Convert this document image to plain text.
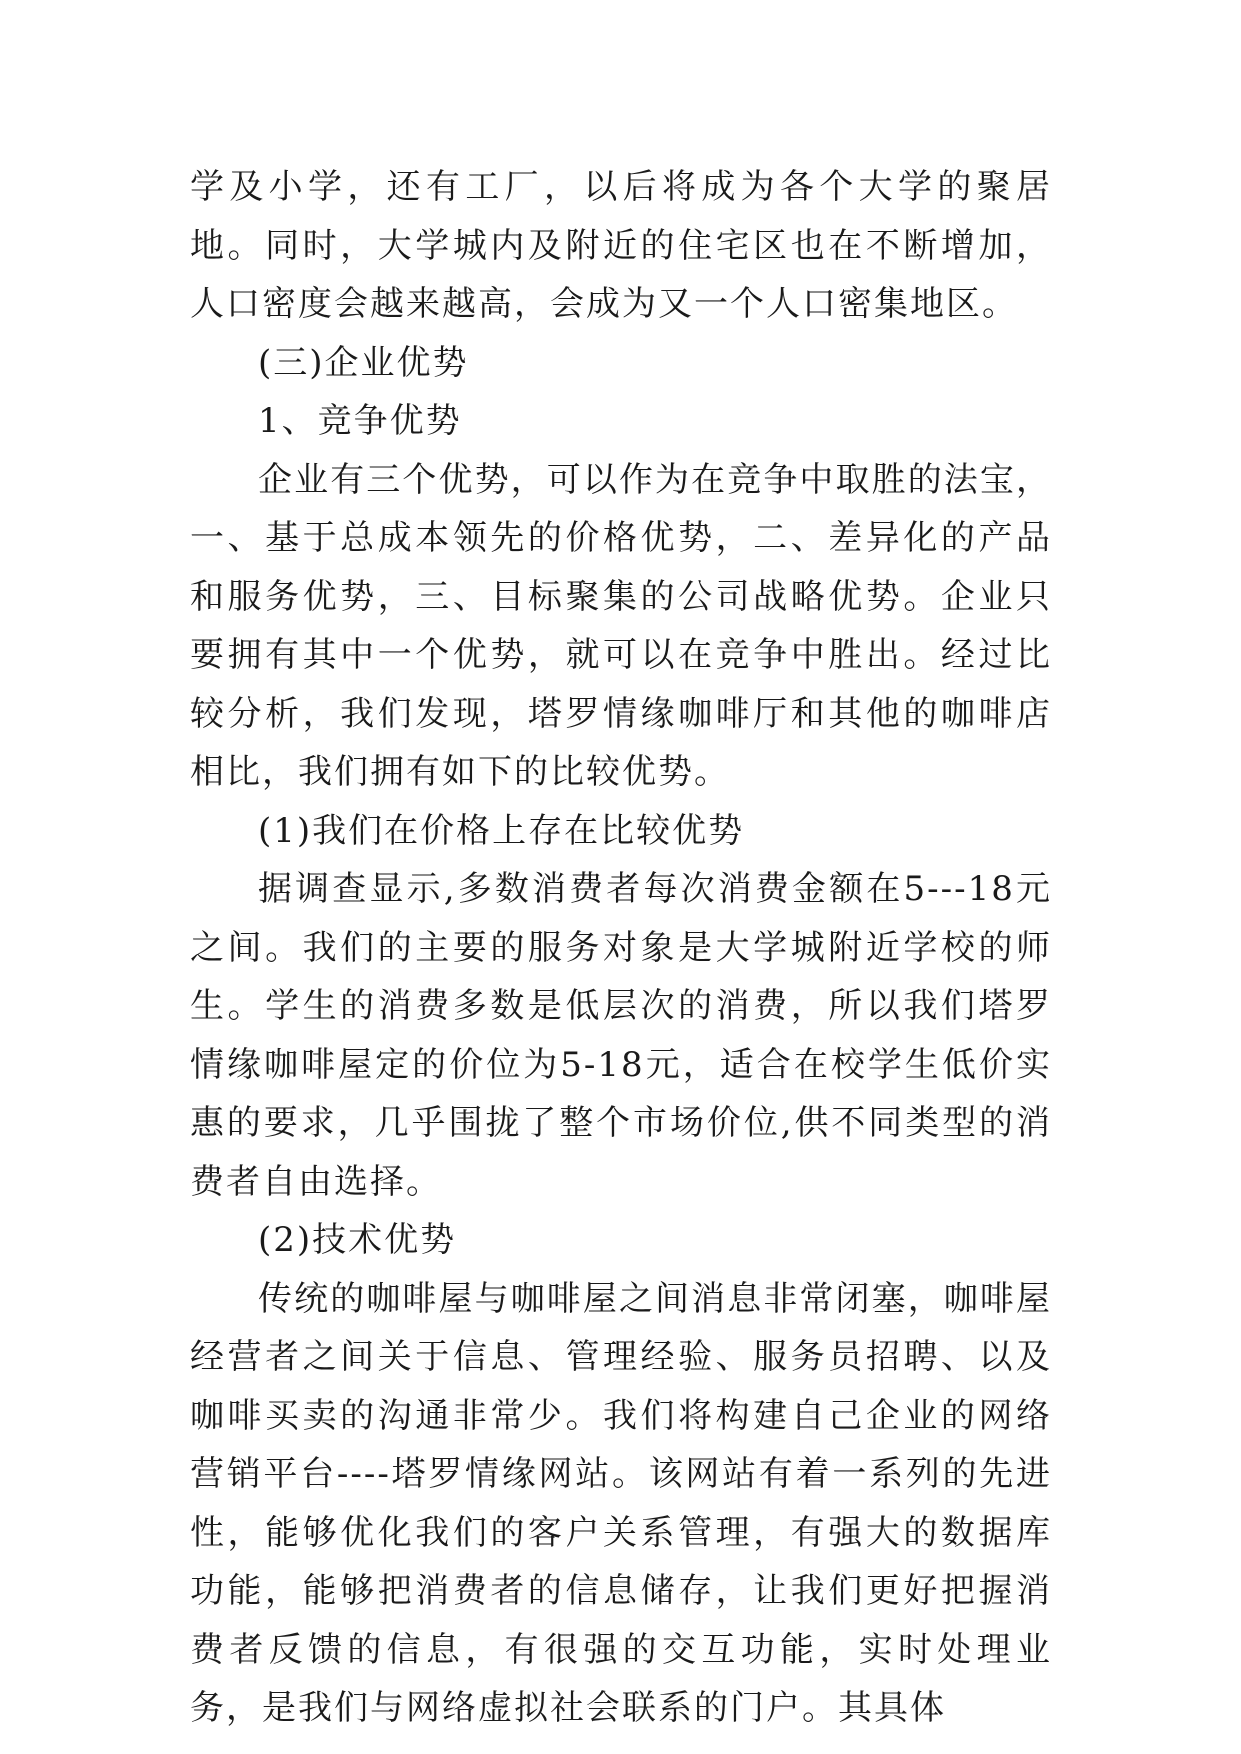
学及小学，还有工厂，以后将成为各个大学的聚居地。同时，大学城内及附近的住宅区也在不断增加，人口密度会越来越高，会成为又一个人口密集地区。

(三)企业优势

1、竞争优势

企业有三个优势，可以作为在竞争中取胜的法宝，一、基于总成本领先的价格优势，二、差异化的产品和服务优势，三、目标聚集的公司战略优势。企业只要拥有其中一个优势，就可以在竞争中胜出。经过比较分析，我们发现，塔罗情缘咖啡厅和其他的咖啡店相比，我们拥有如下的比较优势。

(1)我们在价格上存在比较优势

据调查显示,多数消费者每次消费金额在5---18元之间。我们的主要的服务对象是大学城附近学校的师生。学生的消费多数是低层次的消费，所以我们塔罗情缘咖啡屋定的价位为5-18元，适合在校学生低价实惠的要求，几乎围拢了整个市场价位,供不同类型的消费者自由选择。

(2)技术优势

传统的咖啡屋与咖啡屋之间消息非常闭塞，咖啡屋经营者之间关于信息、管理经验、服务员招聘、以及咖啡买卖的沟通非常少。我们将构建自己企业的网络营销平台----塔罗情缘网站。该网站有着一系列的先进性，能够优化我们的客户关系管理，有强大的数据库功能，能够把消费者的信息储存，让我们更好把握消费者反馈的信息，有很强的交互功能，实时处理业务，是我们与网络虚拟社会联系的门户。其具体
